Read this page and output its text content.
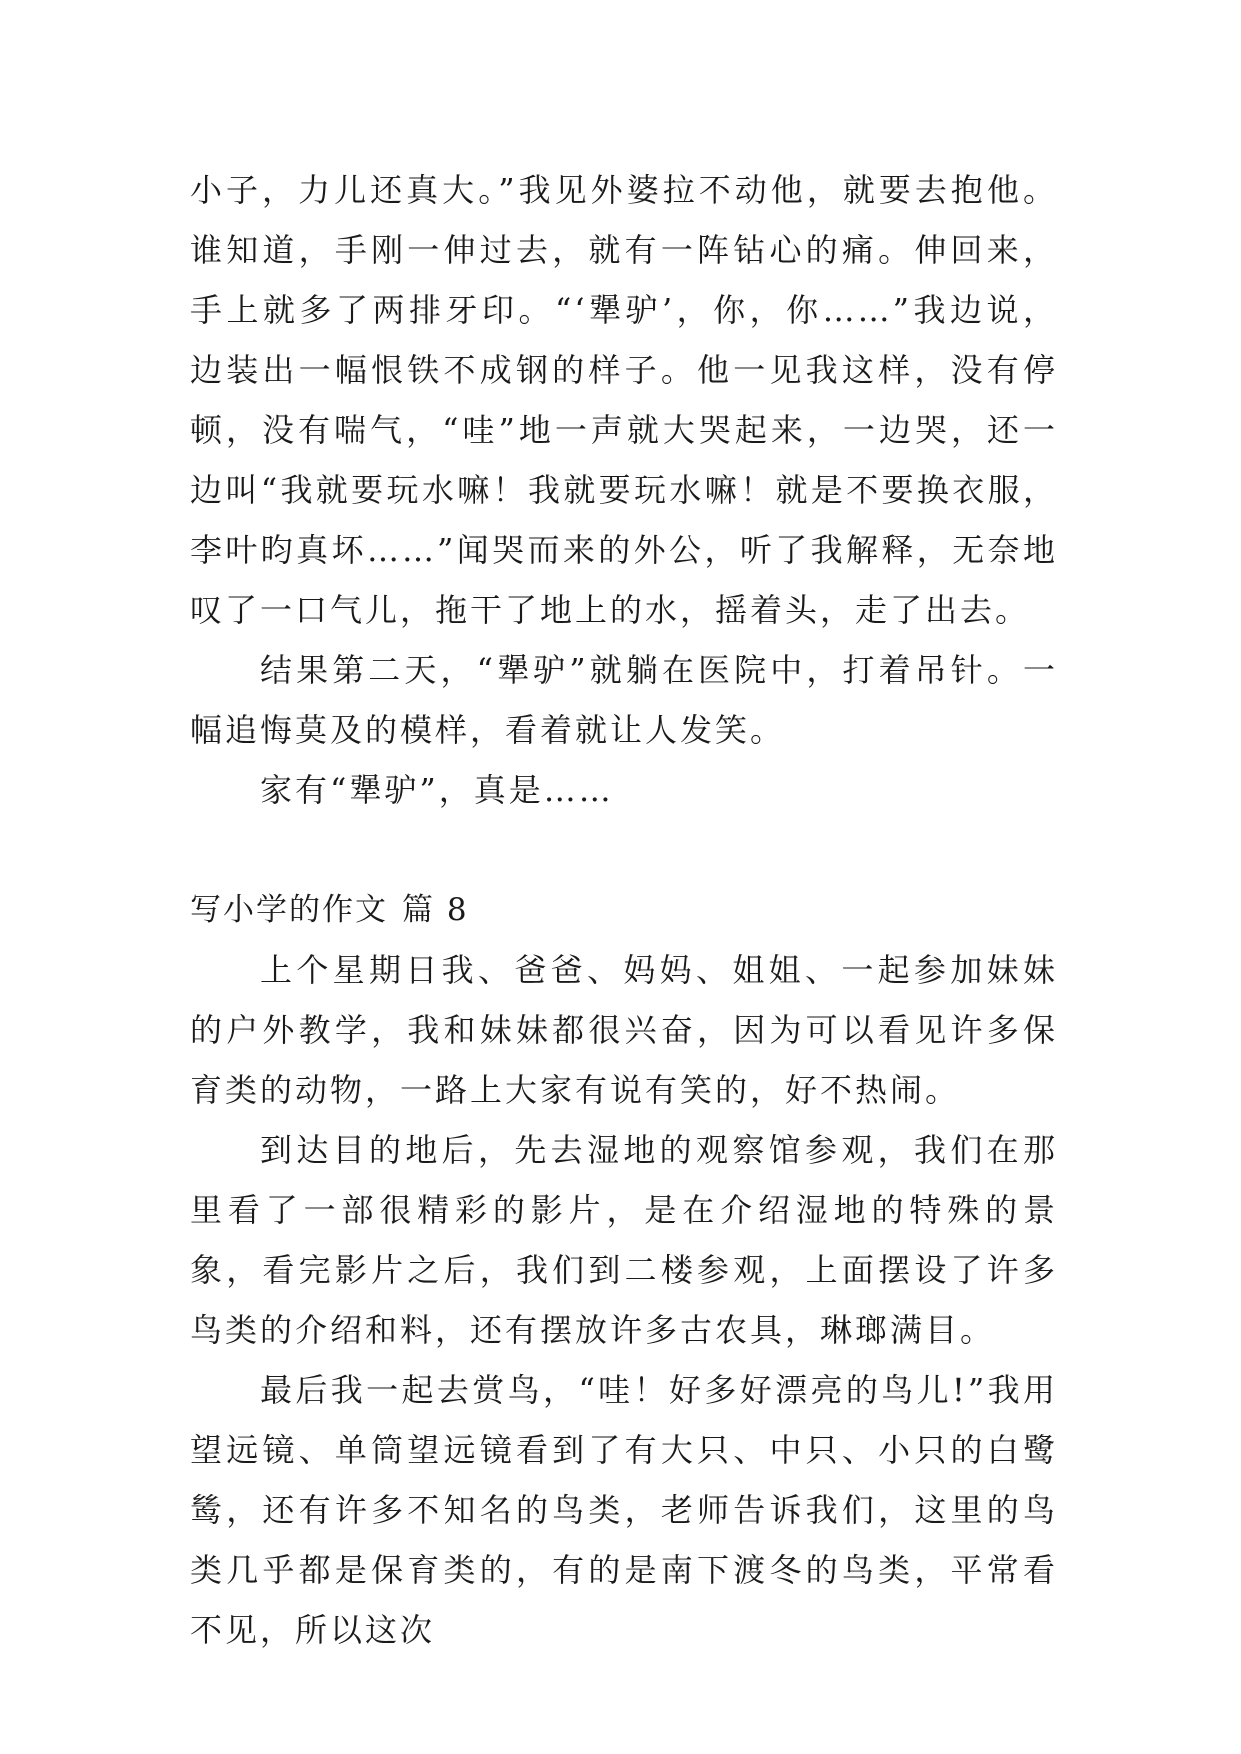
小子，力儿还真大。”我见外婆拉不动他，就要去抱他。谁知道，手刚一伸过去，就有一阵钻心的痛。伸回来，手上就多了两排牙印。“‘犟驴’，你，你……”我边说，边装出一幅恨铁不成钢的样子。他一见我这样，没有停顿，没有喘气，“哇”地一声就大哭起来，一边哭，还一边叫“我就要玩水嘛！我就要玩水嘛！就是不要换衣服，李叶昀真坏……”闻哭而来的外公，听了我解释，无奈地叹了一口气儿，拖干了地上的水，摇着头，走了出去。

结果第二天，“犟驴”就躺在医院中，打着吊针。一幅追悔莫及的模样，看着就让人发笑。

家有“犟驴”，真是……

写小学的作文 篇 8

上个星期日我、爸爸、妈妈、姐姐、一起参加妹妹的户外教学，我和妹妹都很兴奋，因为可以看见许多保育类的动物，一路上大家有说有笑的，好不热闹。

到达目的地后，先去湿地的观察馆参观，我们在那里看了一部很精彩的影片，是在介绍湿地的特殊的景象，看完影片之后，我们到二楼参观，上面摆设了许多鸟类的介绍和料，还有摆放许多古农具，琳瑯满目。

最后我一起去赏鸟，“哇！好多好漂亮的鸟儿!”我用望远镜、单筒望远镜看到了有大只、中只、小只的白鹭鸶，还有许多不知名的鸟类，老师告诉我们，这里的鸟类几乎都是保育类的，有的是南下渡冬的鸟类，平常看不见，所以这次
